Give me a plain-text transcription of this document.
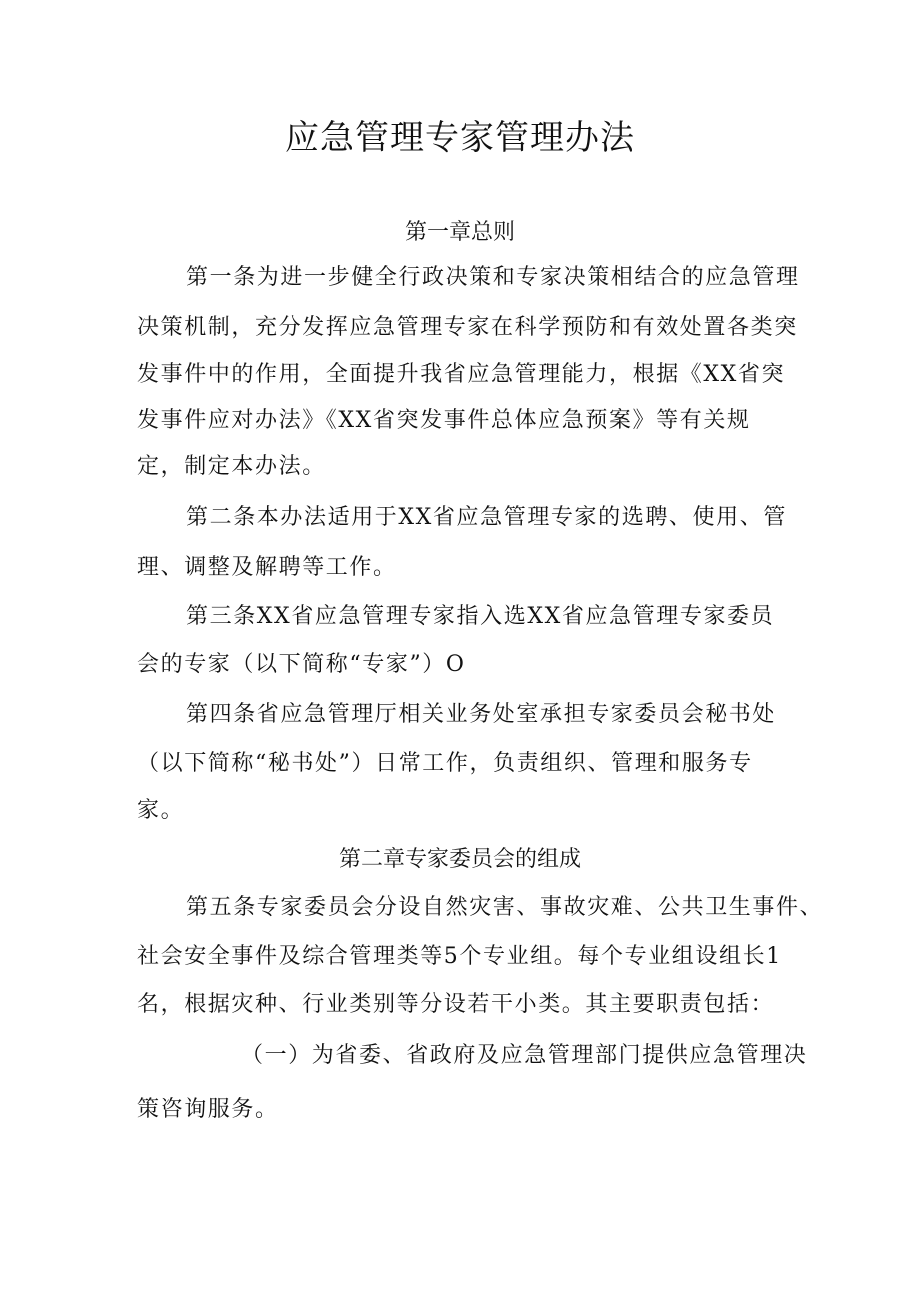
应急管理专家管理办法
第一章总则
第一条为进一步健全行政决策和专家决策相结合的应急管理
决策机制，充分发挥应急管理专家在科学预防和有效处置各类突
发事件中的作用，全面提升我省应急管理能力，根据《XX省突
发事件应对办法》《XX省突发事件总体应急预案》等有关规
定，制定本办法。
第二条本办法适用于XX省应急管理专家的选聘、使用、管
理、调整及解聘等工作。
第三条XX省应急管理专家指入选XX省应急管理专家委员
会的专家（以下简称“专家”）O
第四条省应急管理厅相关业务处室承担专家委员会秘书处
（以下简称“秘书处”）日常工作，负责组织、管理和服务专
家。
第二章专家委员会的组成
第五条专家委员会分设自然灾害、事故灾难、公共卫生事件、
社会安全事件及综合管理类等5个专业组。每个专业组设组长1
名，根据灾种、行业类别等分设若干小类。其主要职责包括：
（一）为省委、省政府及应急管理部门提供应急管理决
策咨询服务。
